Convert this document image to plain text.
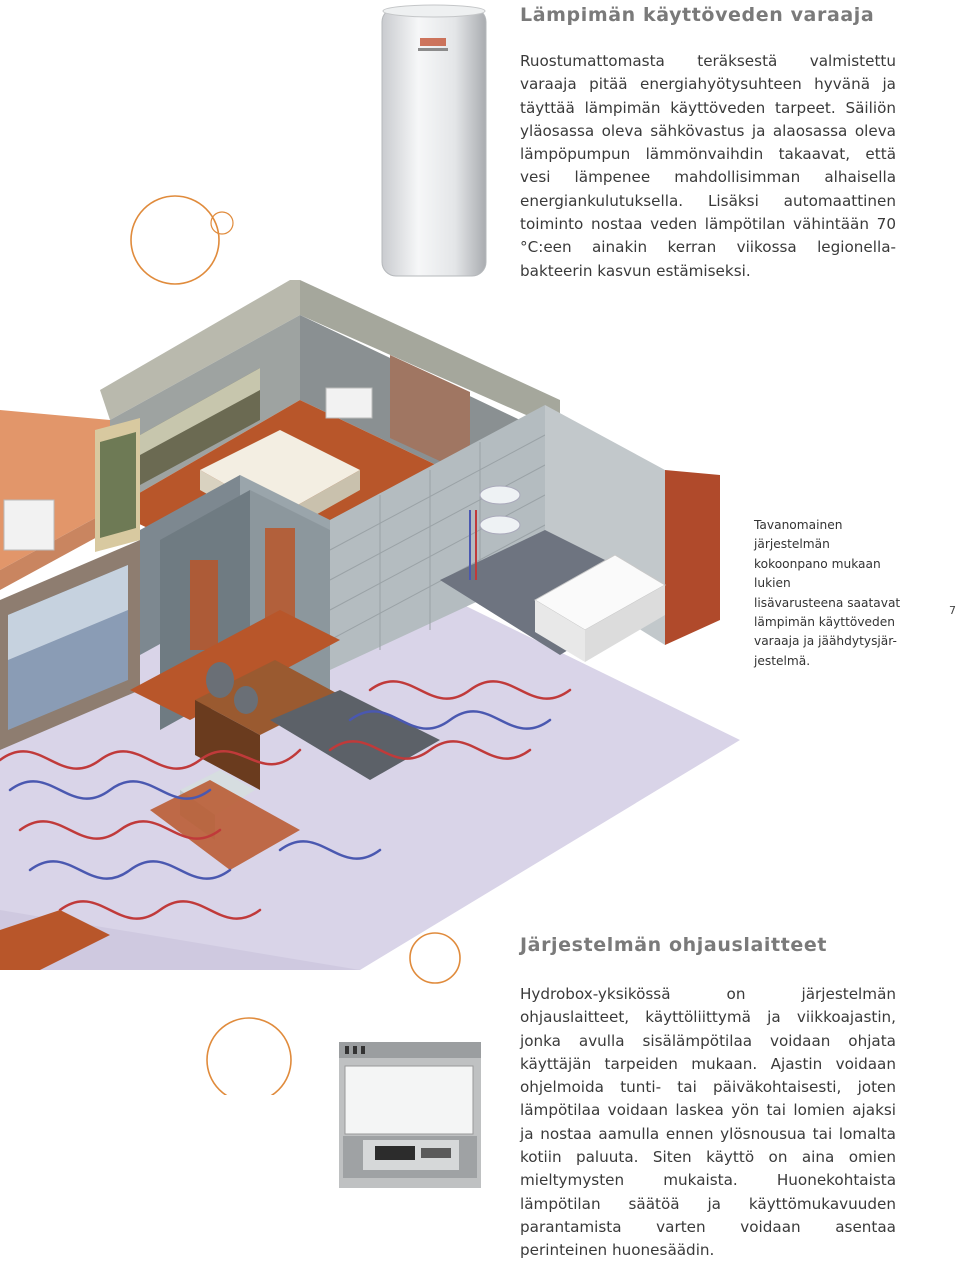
Lämpimän käyttöveden varaaja

Ruostumattomasta teräksestä valmistettu varaaja pitää energiahyötysuhteen hyvänä ja täyttää lämpimän käyttöveden tarpeet. Säiliön yläosassa oleva sähkövastus ja alaosassa oleva lämpöpumpun lämmönvaihdin takaavat, että vesi lämpenee mahdollisimman alhaisella energiankulutuksella. Lisäksi automaattinen toiminto nostaa veden lämpötilan vähintään 70 °C:een ainakin kerran viikossa legionella-bakteerin kasvun estämiseksi.

Tavanomainen järjestelmän
kokoonpano mukaan lukien
lisävarusteena saatavat
lämpimän käyttöveden
varaaja ja jäähdytysjär-
jestelmä.
7
Järjestelmän ohjauslaitteet

Hydrobox-yksikössä on järjestelmän ohjauslaitteet, käyttöliittymä ja viikkoajastin, jonka avulla sisälämpötilaa voidaan ohjata käyttäjän tarpeiden mukaan. Ajastin voidaan ohjelmoida tunti- tai päiväkohtaisesti, joten lämpötilaa voidaan laskea yön tai lomien ajaksi ja nostaa aamulla ennen ylösnousua tai lomalta kotiin paluuta. Siten käyttö on aina omien mieltymysten mukaista. Huonekohtaista lämpötilan säätöä ja käyttömukavuuden parantamista varten voidaan asentaa perinteinen huonesäädin.
